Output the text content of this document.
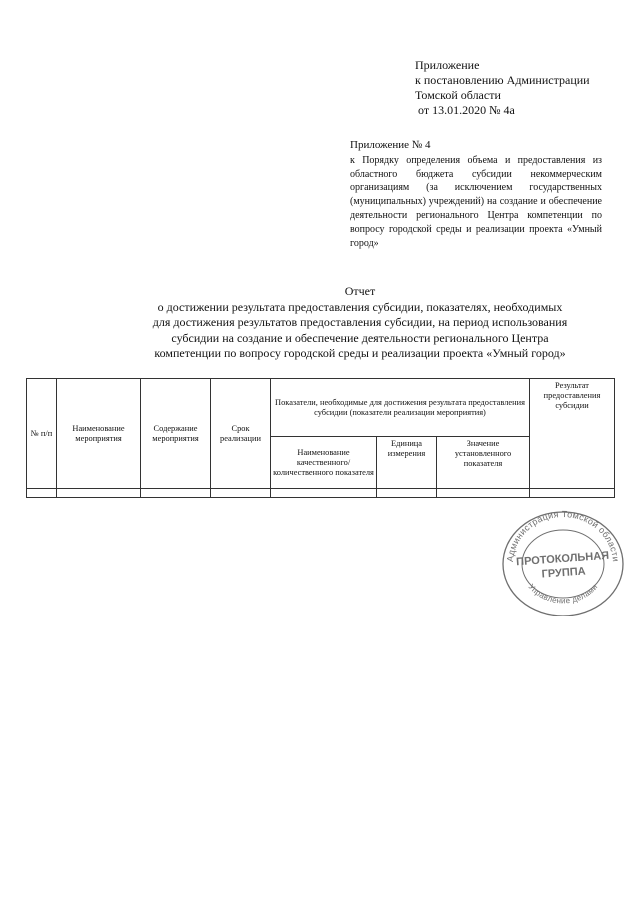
Приложение
к постановлению Администрации
Томской области
от 13.01.2020 № 4а
Приложение № 4
к Порядку определения объема и предоставления из областного бюджета субсидии некоммерческим организациям (за исключением государственных (муниципальных) учреждений) на создание и обеспечение деятельности регионального Центра компетенции по вопросу городской среды и реализации проекта «Умный город»
Отчет
о достижении результата предоставления субсидии, показателях, необходимых
для достижения результатов предоставления субсидии, на период использования
субсидии на создание и обеспечение деятельности регионального Центра
компетенции по вопросу городской среды и реализации проекта «Умный город»
№ п/п	Наименование мероприятия	Содержание мероприятия	Срок реализации	Показатели, необходимые для достижения результата предоставления субсидии (показатели реализации мероприятия)			Результат предоставления субсидии
				Наименование качественного/ количественного показателя	Единица измерения	Значение установленного показателя	

Администрация Томской области
Управление делами
ПРОТОКОЛЬНАЯ
ГРУППА
